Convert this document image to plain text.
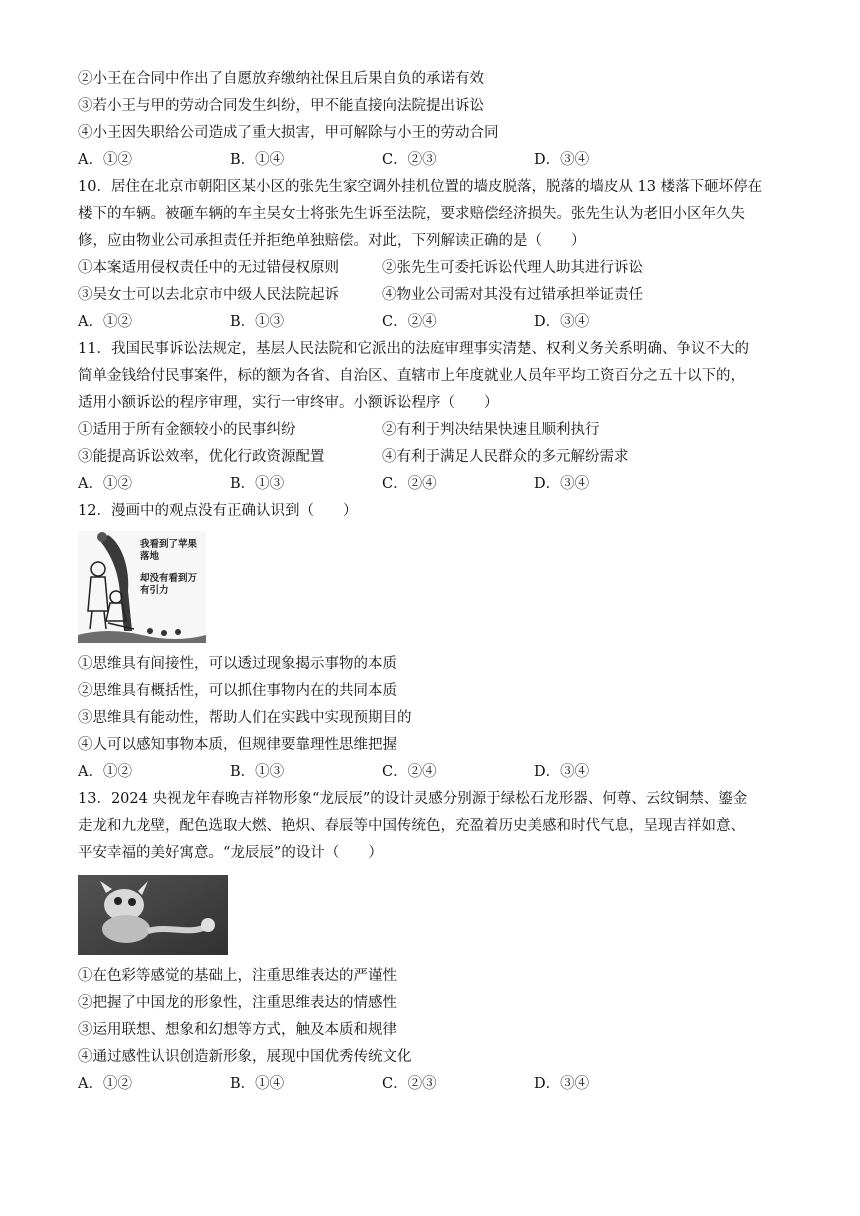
②小王在合同中作出了自愿放弃缴纳社保且后果自负的承诺有效
③若小王与甲的劳动合同发生纠纷，甲不能直接向法院提出诉讼
④小王因失职给公司造成了重大损害，甲可解除与小王的劳动合同
A．①②	B．①④	C．②③	D．③④
10．居住在北京市朝阳区某小区的张先生家空调外挂机位置的墙皮脱落，脱落的墙皮从 13 楼落下砸坏停在
楼下的车辆。被砸车辆的车主吴女士将张先生诉至法院，要求赔偿经济损失。张先生认为老旧小区年久失
修，应由物业公司承担责任并拒绝单独赔偿。对此，下列解读正确的是（　　）
①本案适用侵权责任中的无过错侵权原则	②张先生可委托诉讼代理人助其进行诉讼
③吴女士可以去北京市中级人民法院起诉	④物业公司需对其没有过错承担举证责任
A．①②	B．①③	C．②④	D．③④
11．我国民事诉讼法规定，基层人民法院和它派出的法庭审理事实清楚、权利义务关系明确、争议不大的
简单金钱给付民事案件，标的额为各省、自治区、直辖市上年度就业人员年平均工资百分之五十以下的，
适用小额诉讼的程序审理，实行一审终审。小额诉讼程序（　　）
①适用于所有金额较小的民事纠纷	②有利于判决结果快速且顺利执行
③能提高诉讼效率，优化行政资源配置	④有利于满足人民群众的多元解纷需求
A．①②	B．①③	C．②④	D．③④
12．漫画中的观点没有正确认识到（　　）
我看到了苹果落地
却没有看到万有引力
①思维具有间接性，可以透过现象揭示事物的本质
②思维具有概括性，可以抓住事物内在的共同本质
③思维具有能动性，帮助人们在实践中实现预期目的
④人可以感知事物本质，但规律要靠理性思维把握
A．①②	B．①③	C．②④	D．③④
13．2024 央视龙年春晚吉祥物形象“龙辰辰”的设计灵感分别源于绿松石龙形器、何尊、云纹铜禁、鎏金
走龙和九龙壁，配色选取大燃、艳炽、春辰等中国传统色，充盈着历史美感和时代气息，呈现吉祥如意、
平安幸福的美好寓意。“龙辰辰”的设计（　　）
①在色彩等感觉的基础上，注重思维表达的严谨性
②把握了中国龙的形象性，注重思维表达的情感性
③运用联想、想象和幻想等方式，触及本质和规律
④通过感性认识创造新形象，展现中国优秀传统文化
A．①②	B．①④	C．②③	D．③④
